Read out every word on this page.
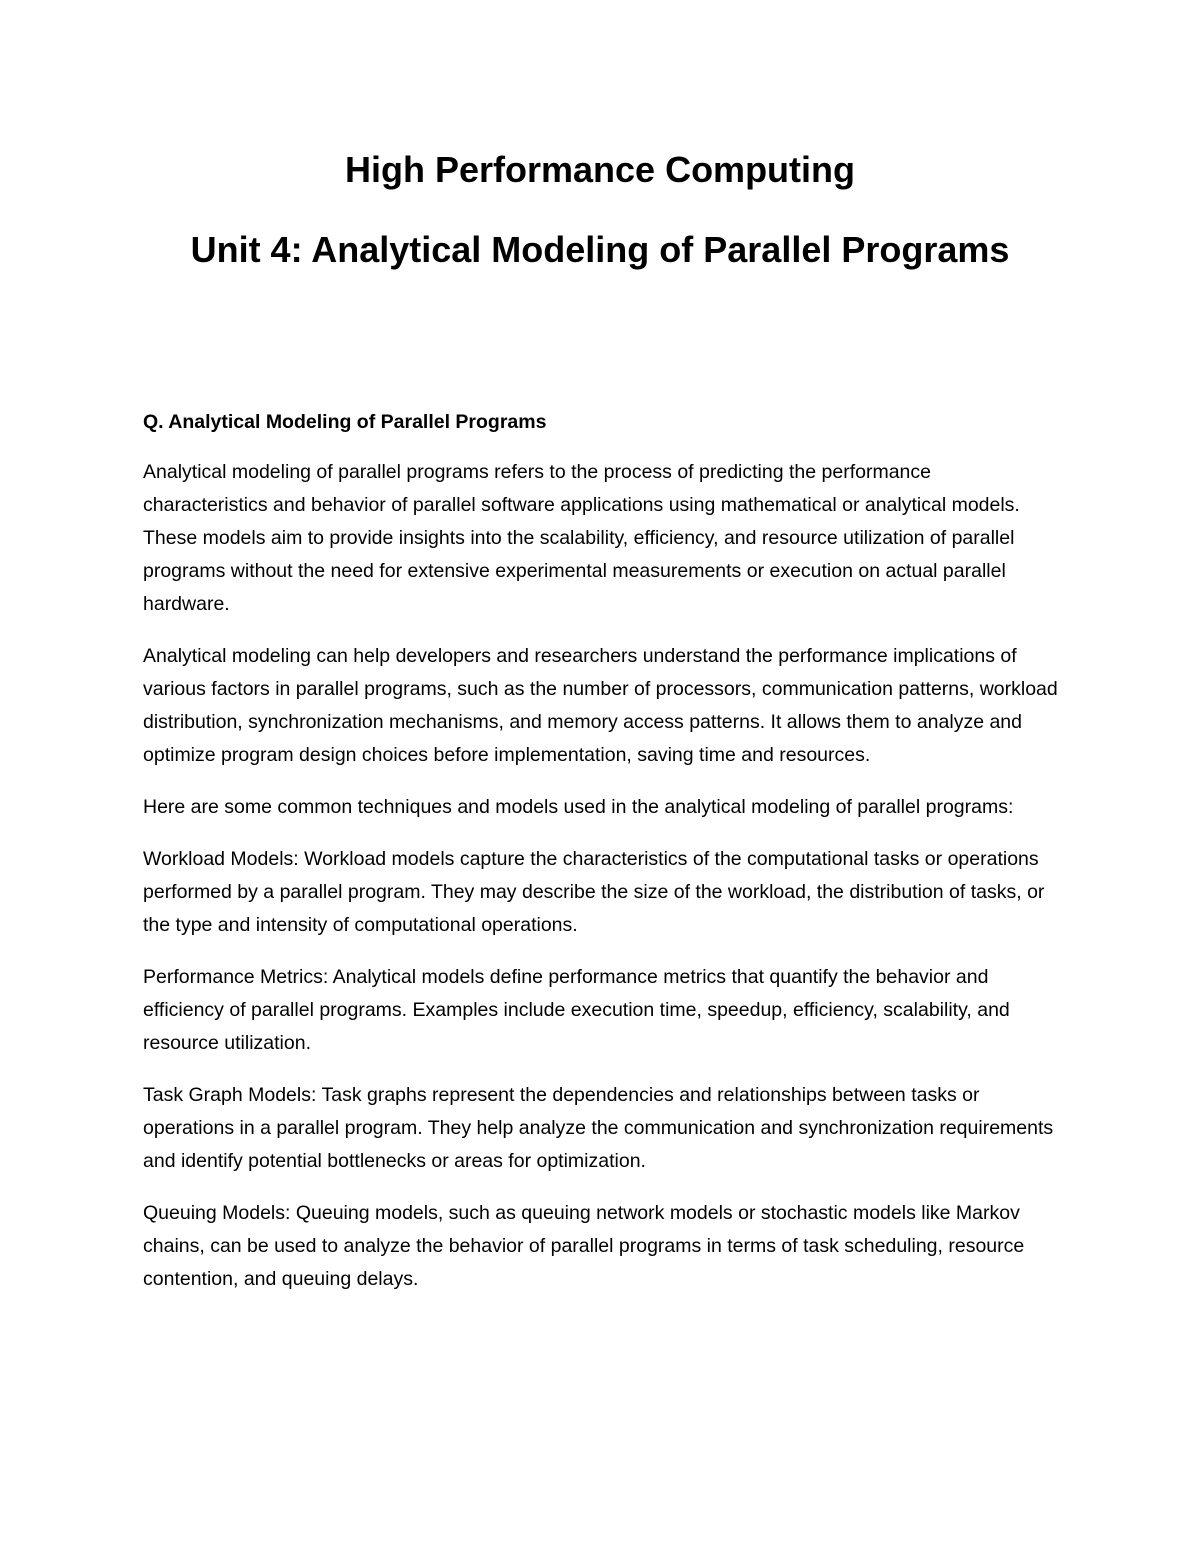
High Performance Computing
Unit 4: Analytical Modeling of Parallel Programs

Q. Analytical Modeling of Parallel Programs

Analytical modeling of parallel programs refers to the process of predicting the performance characteristics and behavior of parallel software applications using mathematical or analytical models. These models aim to provide insights into the scalability, efficiency, and resource utilization of parallel programs without the need for extensive experimental measurements or execution on actual parallel hardware.

Analytical modeling can help developers and researchers understand the performance implications of various factors in parallel programs, such as the number of processors, communication patterns, workload distribution, synchronization mechanisms, and memory access patterns. It allows them to analyze and optimize program design choices before implementation, saving time and resources.

Here are some common techniques and models used in the analytical modeling of parallel programs:

Workload Models: Workload models capture the characteristics of the computational tasks or operations performed by a parallel program. They may describe the size of the workload, the distribution of tasks, or the type and intensity of computational operations.

Performance Metrics: Analytical models define performance metrics that quantify the behavior and efficiency of parallel programs. Examples include execution time, speedup, efficiency, scalability, and resource utilization.

Task Graph Models: Task graphs represent the dependencies and relationships between tasks or operations in a parallel program. They help analyze the communication and synchronization requirements and identify potential bottlenecks or areas for optimization.

Queuing Models: Queuing models, such as queuing network models or stochastic models like Markov chains, can be used to analyze the behavior of parallel programs in terms of task scheduling, resource contention, and queuing delays.
